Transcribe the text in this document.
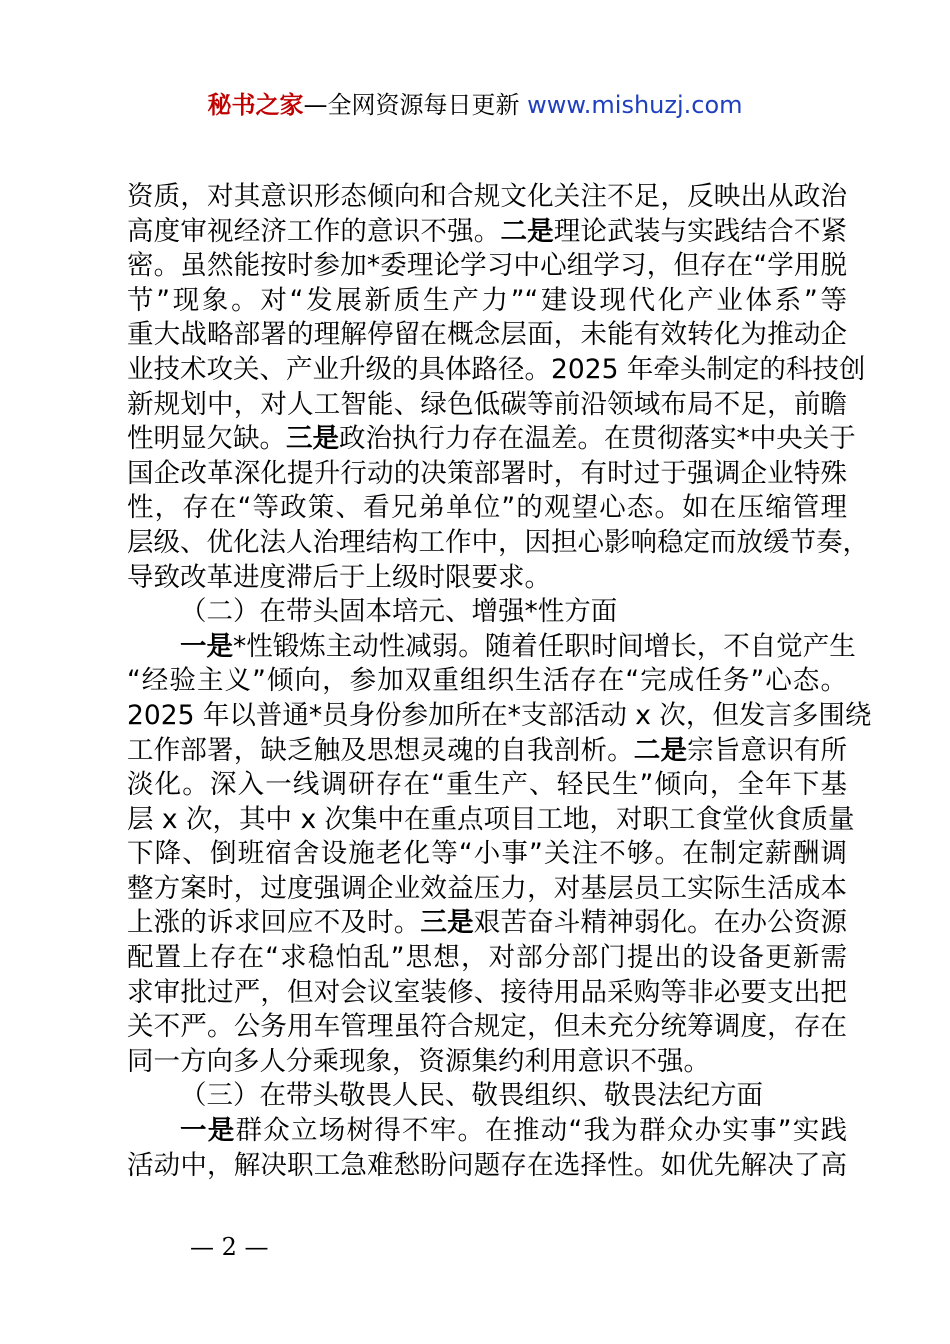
秘书之家—全网资源每日更新 www.mishuzj.com
资质，对其意识形态倾向和合规文化关注不足，反映出从政治
高度审视经济工作的意识不强。二是理论武装与实践结合不紧
密。虽然能按时参加*委理论学习中心组学习，但存在“学用脱
节”现象。对“发展新质生产力”“建设现代化产业体系”等
重大战略部署的理解停留在概念层面，未能有效转化为推动企
业技术攻关、产业升级的具体路径。2025 年牵头制定的科技创
新规划中，对人工智能、绿色低碳等前沿领域布局不足，前瞻
性明显欠缺。三是政治执行力存在温差。在贯彻落实*中央关于
国企改革深化提升行动的决策部署时，有时过于强调企业特殊
性，存在“等政策、看兄弟单位”的观望心态。如在压缩管理
层级、优化法人治理结构工作中，因担心影响稳定而放缓节奏，
导致改革进度滞后于上级时限要求。
（二）在带头固本培元、增强*性方面
一是*性锻炼主动性减弱。随着任职时间增长，不自觉产生
“经验主义”倾向，参加双重组织生活存在“完成任务”心态。
2025 年以普通*员身份参加所在*支部活动 x 次，但发言多围绕
工作部署，缺乏触及思想灵魂的自我剖析。二是宗旨意识有所
淡化。深入一线调研存在“重生产、轻民生”倾向，全年下基
层 x 次，其中 x 次集中在重点项目工地，对职工食堂伙食质量
下降、倒班宿舍设施老化等“小事”关注不够。在制定薪酬调
整方案时，过度强调企业效益压力，对基层员工实际生活成本
上涨的诉求回应不及时。三是艰苦奋斗精神弱化。在办公资源
配置上存在“求稳怕乱”思想，对部分部门提出的设备更新需
求审批过严，但对会议室装修、接待用品采购等非必要支出把
关不严。公务用车管理虽符合规定，但未充分统筹调度，存在
同一方向多人分乘现象，资源集约利用意识不强。
（三）在带头敬畏人民、敬畏组织、敬畏法纪方面
一是群众立场树得不牢。在推动“我为群众办实事”实践
活动中，解决职工急难愁盼问题存在选择性。如优先解决了高
— 2 —
